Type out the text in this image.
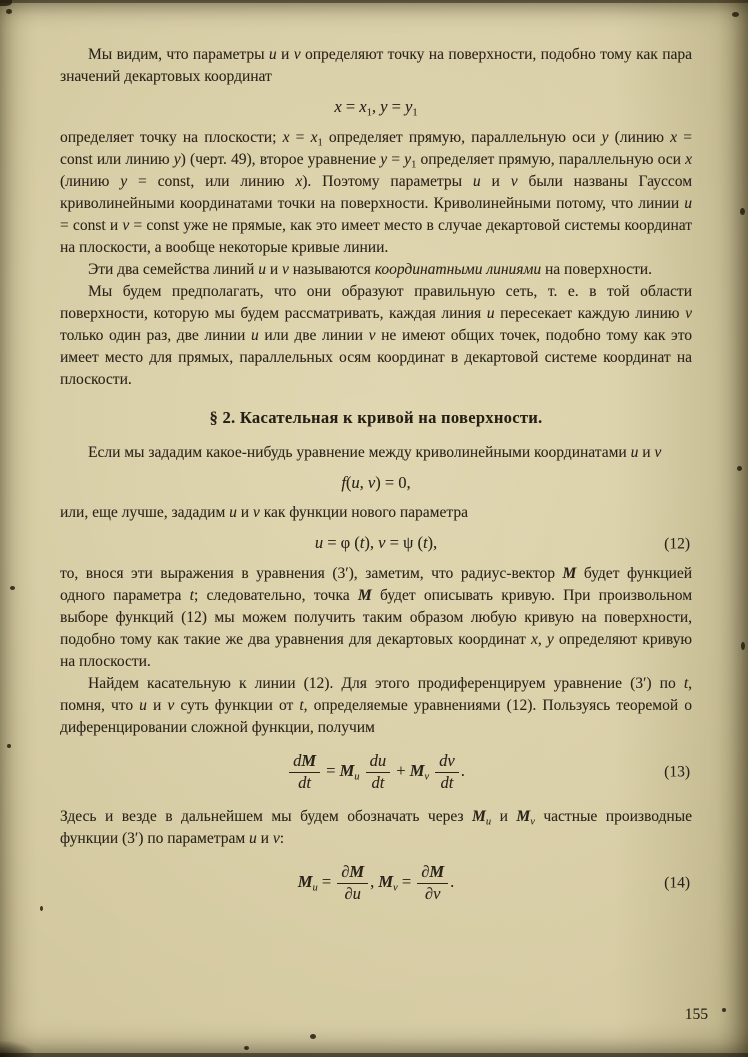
Мы видим, что параметры u и v определяют точку на поверхности, подобно тому как пара значений декартовых координат

$x = x_1$, $y = y_1$

определяет точку на плоскости; $x = x_1$ определяет прямую, параллельную оси y (линию x = const или линию y) (черт. 49), второе уравнение $y = y_1$ определяет прямую, параллельную оси x (линию y = const, или линию x). Поэтому параметры u и v были названы Гауссом криволинейными координатами точки на поверхности. Криволинейными потому, что линии u = const и v = const уже не прямые, как это имеет место в случае декартовой системы координат на плоскости, а вообще некоторые кривые линии.

Эти два семейства линий u и v называются координатными линиями на поверхности.

Мы будем предполагать, что они образуют правильную сеть, т. е. в той области поверхности, которую мы будем рассматривать, каждая линия u пересекает каждую линию v только один раз, две линии u или две линии v не имеют общих точек, подобно тому как это имеет место для прямых, параллельных осям координат в декартовой системе координат на плоскости.

§ 2. Касательная к кривой на поверхности.

Если мы зададим какое-нибудь уравнение между криволинейными координатами u и v

f(u, v) = 0,

или, еще лучше, зададим u и v как функции нового параметра

u = φ (t), v = ψ (t),	(12)

то, внося эти выражения в уравнения (3′), заметим, что радиус-вектор M будет функцией одного параметра t; следовательно, точка M будет описывать кривую. При произвольном выборе функций (12) мы можем получить таким образом любую кривую на поверхности, подобно тому как такие же два уравнения для декартовых координат x, y определяют кривую на плоскости.

Найдем касательную к линии (12). Для этого продиференцируем уравнение (3′) по t, помня, что u и v суть функции от t, определяемые уравнениями (12). Пользуясь теоремой о диференцировании сложной функции, получим

$\frac{dM}{dt} = M_u \frac{du}{dt} + M_v \frac{dv}{dt}$ .	(13)

Здесь и везде в дальнейшем мы будем обозначать через $M_u$ и $M_v$ частные производные функции (3′) по параметрам u и v:

$M_u = \frac{\partial M}{\partial u}$ , $M_v = \frac{\partial M}{\partial v}$ .	(14)
155
